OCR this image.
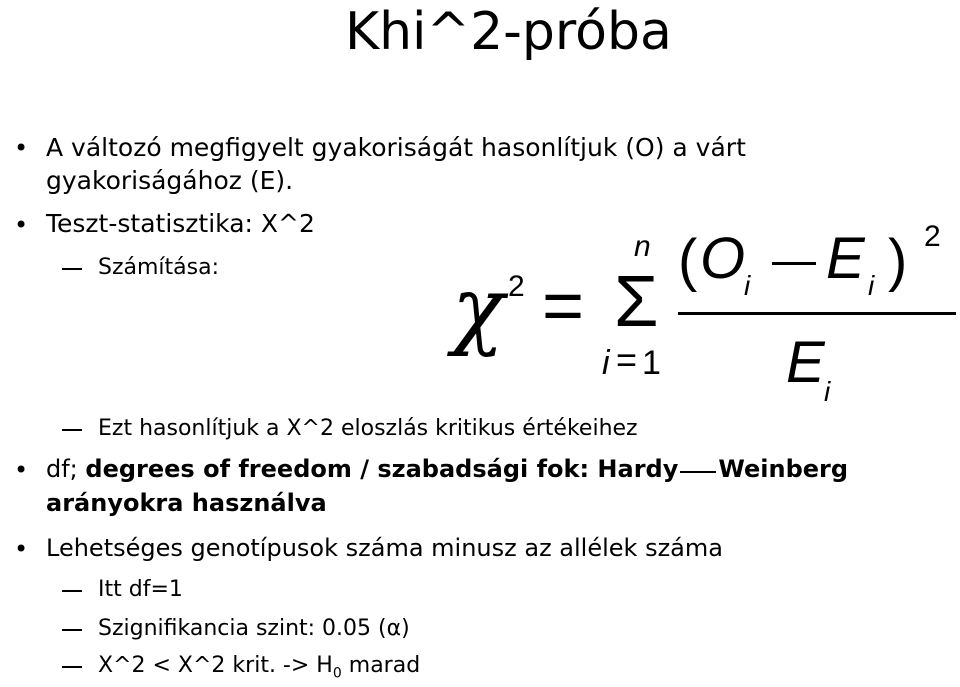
Khi^2-próba
• A változó megfigyelt gyakoriságát hasonlítjuk (O) a várt
gyakoriságához (E).
• Teszt-statisztika: X^2
Számítása:	χ 2 =
n
Σ
i = 1
( O
i E i ) 2
E i
Ezt hasonlítjuk a X^2 eloszlás kritikus értékeihez
• df; degrees of freedom / szabadsági fok: Hardy Weinberg
arányokra használva
• Lehetséges genotípusok száma minusz az allélek száma
Itt df=1
Szignifikancia szint: 0.05 (α)
X^2 < X^2 krit. -> $H_0$ marad
